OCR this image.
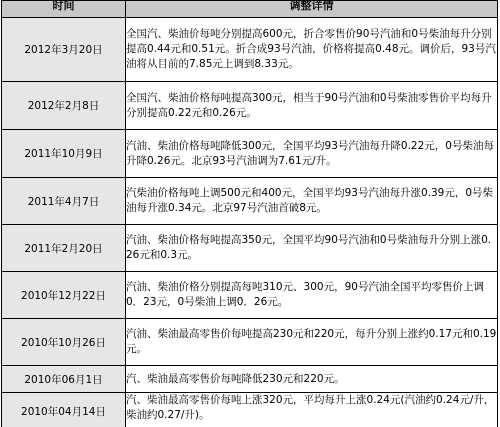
时间	调整详情

2012年3月20日	全国汽、柴油价每吨分别提高600元，折合零售价90号汽油和0号柴油每升分别提高0.44元和0.51元。折合成93号汽油，价格将提高0.48元。调价后，93号汽油将从目前的7.85元上调到8.33元。
2012年2月8日	全国汽、柴油价格每吨提高300元，相当于90号汽油和0号柴油零售价平均每升分别提高0.22元和0.26元。
2011年10月9日	汽油、柴油价格每吨降低300元，全国平均93号汽油每升降0.22元，0号柴油每升降0.26元。北京93号汽油调为7.61元/升。
2011年4月7日	汽柴油价格每吨上调500元和400元，全国平均93号汽油每升涨0.39元，0号柴油每升涨0.34元。北京97号汽油首破8元。
2011年2月20日	汽油、柴油价格每吨提高350元，全国平均90号汽油和0号柴油每升分别上涨0.26元和0.3元。
2010年12月22日	汽油、柴油价格分别提高每吨310元、300元，90号汽油全国平均零售价上调0．23元，0号柴油上调0．26元。
2010年10月26日	汽油、柴油最高零售价每吨提高230元和220元，每升分别上涨约0.17元和0.19元。
2010年06月1日	汽、柴油最高零售价每吨降低230元和220元。
2010年04月14日	汽、柴油最高零售价每吨上涨320元，平均每升上涨0.24元(汽油约0.24元/升，柴油约0.27/升)。
